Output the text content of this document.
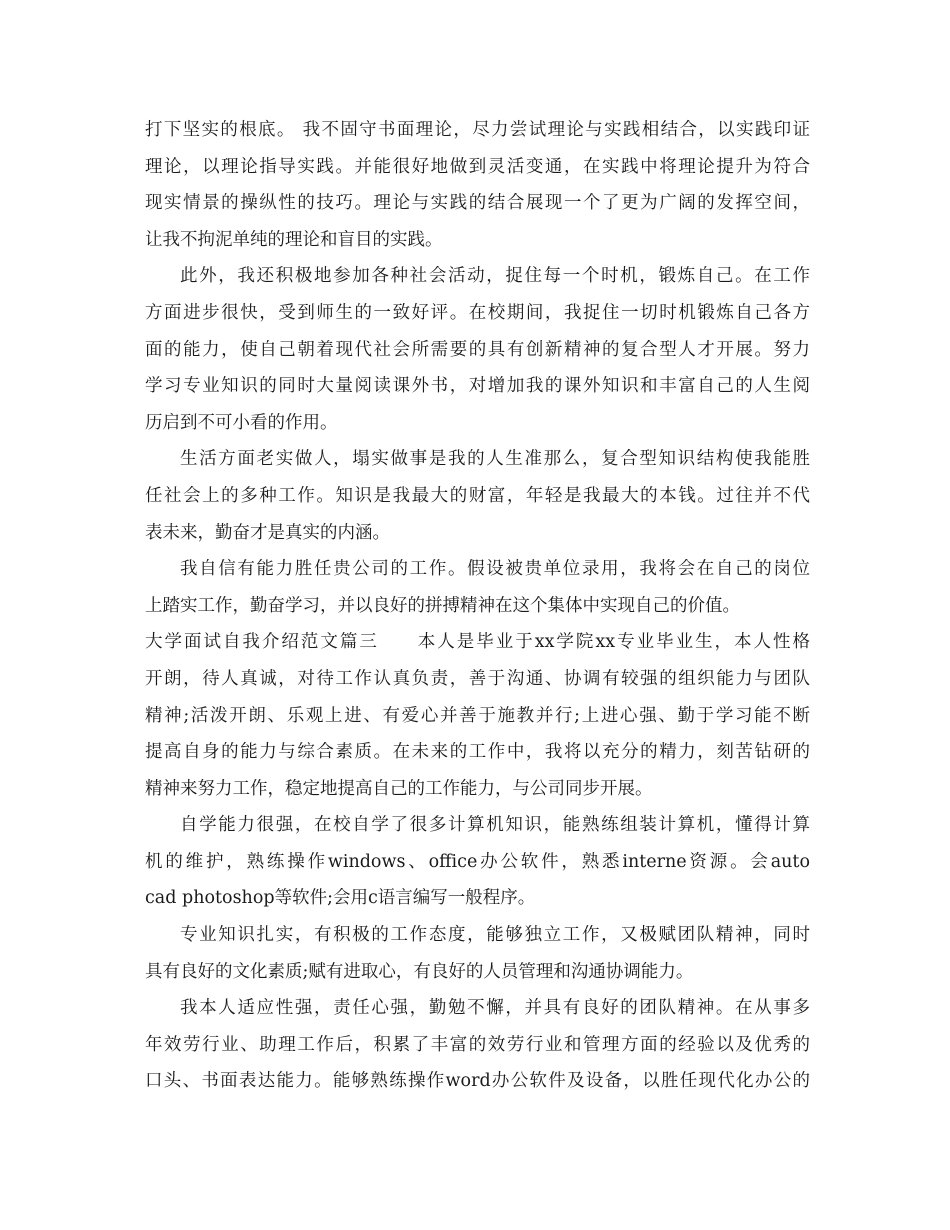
打下坚实的根底。 我不固守书面理论，尽力尝试理论与实践相结合，以实践印证
理论，以理论指导实践。并能很好地做到灵活变通，在实践中将理论提升为符合
现实情景的操纵性的技巧。理论与实践的结合展现一个了更为广阔的发挥空间，
让我不拘泥单纯的理论和盲目的实践。
此外，我还积极地参加各种社会活动，捉住每一个时机，锻炼自己。在工作
方面进步很快，受到师生的一致好评。在校期间，我捉住一切时机锻炼自己各方
面的能力，使自己朝着现代社会所需要的具有创新精神的复合型人才开展。努力
学习专业知识的同时大量阅读课外书，对增加我的课外知识和丰富自己的人生阅
历启到不可小看的作用。
生活方面老实做人，塌实做事是我的人生准那么，复合型知识结构使我能胜
任社会上的多种工作。知识是我最大的财富，年轻是我最大的本钱。过往并不代
表未来，勤奋才是真实的内涵。
我自信有能力胜任贵公司的工作。假设被贵单位录用，我将会在自己的岗位
上踏实工作，勤奋学习，并以良好的拼搏精神在这个集体中实现自己的价值。
大学面试自我介绍范文篇三　　本人是毕业于xx学院xx专业毕业生，本人性格
开朗，待人真诚，对待工作认真负责，善于沟通、协调有较强的组织能力与团队
精神;活泼开朗、乐观上进、有爱心并善于施教并行;上进心强、勤于学习能不断
提高自身的能力与综合素质。在未来的工作中，我将以充分的精力，刻苦钻研的
精神来努力工作，稳定地提高自己的工作能力，与公司同步开展。
自学能力很强，在校自学了很多计算机知识，能熟练组装计算机，懂得计算
机的维护，熟练操作windows、office办公软件，熟悉interne资源。会auto
cad photoshop等软件;会用c语言编写一般程序。
专业知识扎实，有积极的工作态度，能够独立工作，又极赋团队精神，同时
具有良好的文化素质;赋有进取心，有良好的人员管理和沟通协调能力。
我本人适应性强，责任心强，勤勉不懈，并具有良好的团队精神。在从事多
年效劳行业、助理工作后，积累了丰富的效劳行业和管理方面的经验以及优秀的
口头、书面表达能力。能够熟练操作word办公软件及设备，以胜任现代化办公的
